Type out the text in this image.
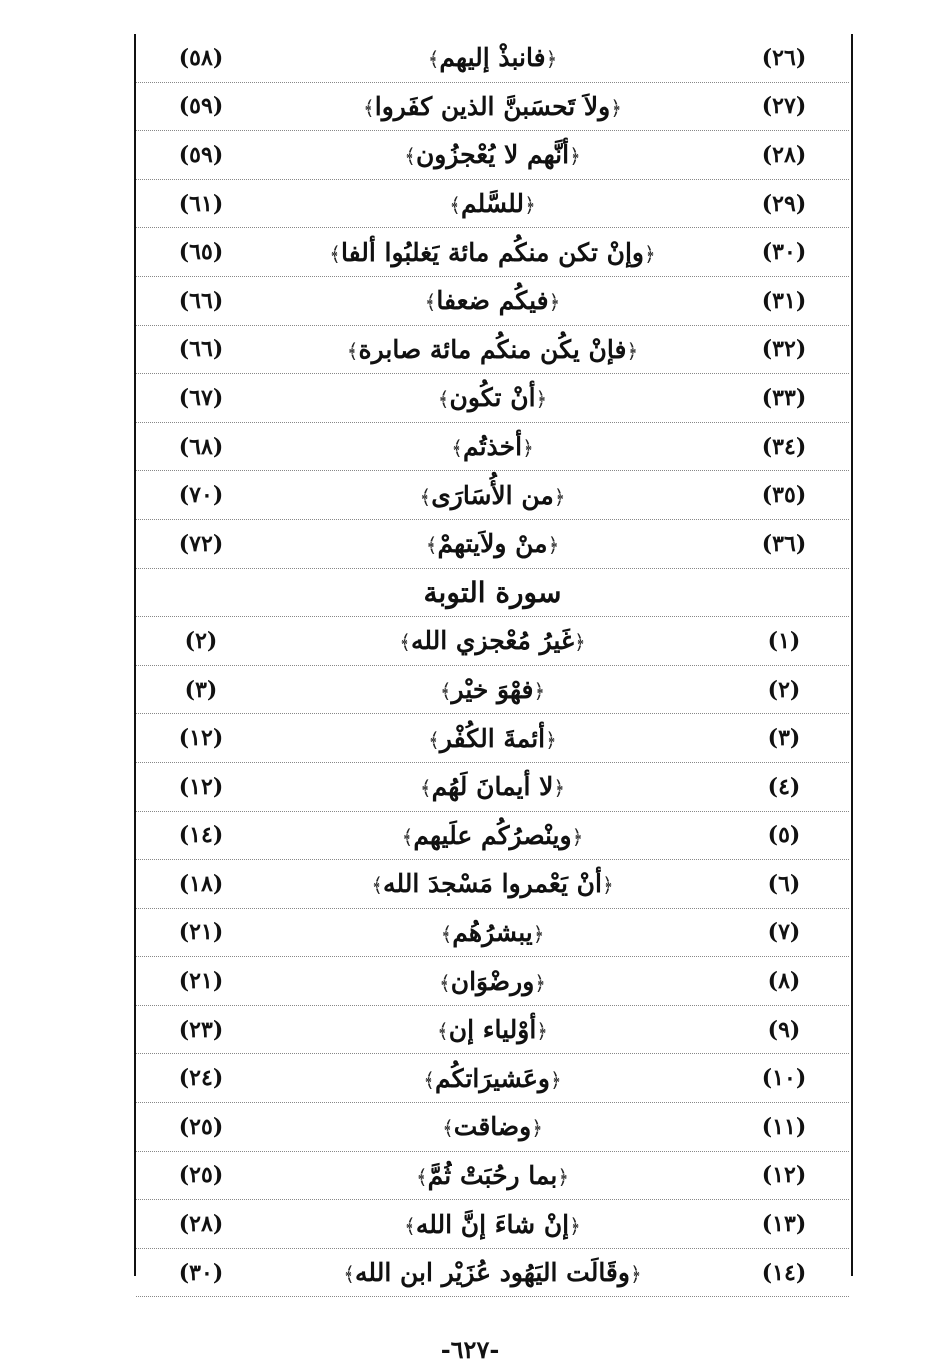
(٥٨)	﴿فانبذْ إليهم﴾	(٢٦)
(٥٩)	﴿ولاَ تَحسَبنَّ الذين كفَروا﴾	(٢٧)
(٥٩)	﴿أنَّهم لا يُعْجزُون﴾	(٢٨)
(٦١)	﴿للسَّلم﴾	(٢٩)
(٦٥)	﴿وإنْ تكن منكُم مائة يَغلبُوا ألفا﴾	(٣٠)
(٦٦)	﴿فيكُم ضعفا﴾	(٣١)
(٦٦)	﴿فإنْ يكُن منكُم مائة صابرة﴾	(٣٢)
(٦٧)	﴿أنْ تكُون﴾	(٣٣)
(٦٨)	﴿أخذتُم﴾	(٣٤)
(٧٠)	﴿من الأُسَارَى﴾	(٣٥)
(٧٢)	﴿منْ ولاَيتهمْ﴾	(٣٦)
سورة التوبة
(٢)	﴿غَيرُ مُعْجزي الله﴾	(١)
(٣)	﴿فهْوَ خيْر﴾	(٢)
(١٢)	﴿أئمةَ الكُفْر﴾	(٣)
(١٢)	﴿لا أيمانَ لَهُم﴾	(٤)
(١٤)	﴿وينْصرُكُم علَيهم﴾	(٥)
(١٨)	﴿أنْ يَعْمروا مَسْجدَ الله﴾	(٦)
(٢١)	﴿يبشرُهُم﴾	(٧)
(٢١)	﴿ورضْوَان﴾	(٨)
(٢٣)	﴿أوْلياء إن﴾	(٩)
(٢٤)	﴿وعَشيرَاتكُم﴾	(١٠)
(٢٥)	﴿وضاقت﴾	(١١)
(٢٥)	﴿بما رحُبَتْ ثُمَّ﴾	(١٢)
(٢٨)	﴿إنْ شاءَ إنَّ الله﴾	(١٣)
(٣٠)	﴿وقَالَت اليَهُود عُزَيْر ابن الله﴾	(١٤)
-٦٢٧-
